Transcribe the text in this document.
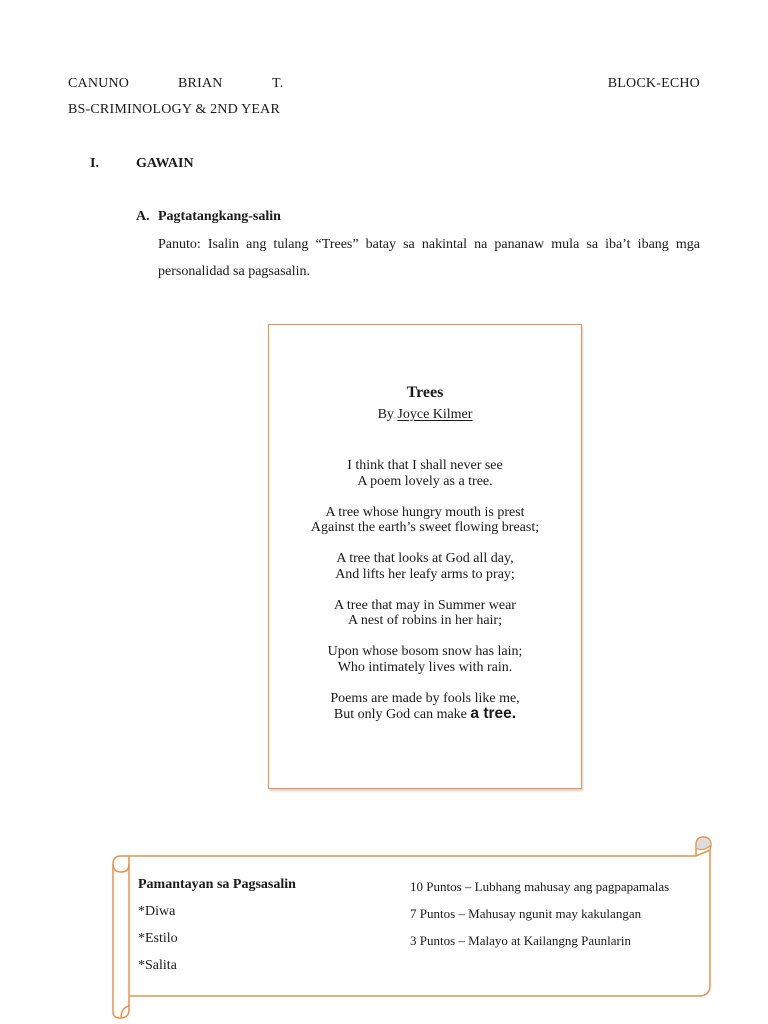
CANUNO	BRIAN	T.	BLOCK-ECHO
BS-CRIMINOLOGY & 2ND YEAR
I.	GAWAIN
A. Pagtatangkang-salin
Panuto: Isalin ang tulang “Trees” batay sa nakintal na pananaw mula sa iba’t ibang mga
personalidad sa pagsasalin.
Trees
By Joyce Kilmer
I think that I shall never see
A poem lovely as a tree.
A tree whose hungry mouth is prest
Against the earth’s sweet flowing breast;
A tree that looks at God all day,
And lifts her leafy arms to pray;
A tree that may in Summer wear
A nest of robins in her hair;
Upon whose bosom snow has lain;
Who intimately lives with rain.
Poems are made by fools like me,
But only God can make a tree.
Pamantayan sa Pagsasalin
*Diwa
*Estilo
*Salita
10 Puntos – Lubhang mahusay ang pagpapamalas
7 Puntos – Mahusay ngunit may kakulangan
3 Puntos – Malayo at Kailangng Paunlarin
